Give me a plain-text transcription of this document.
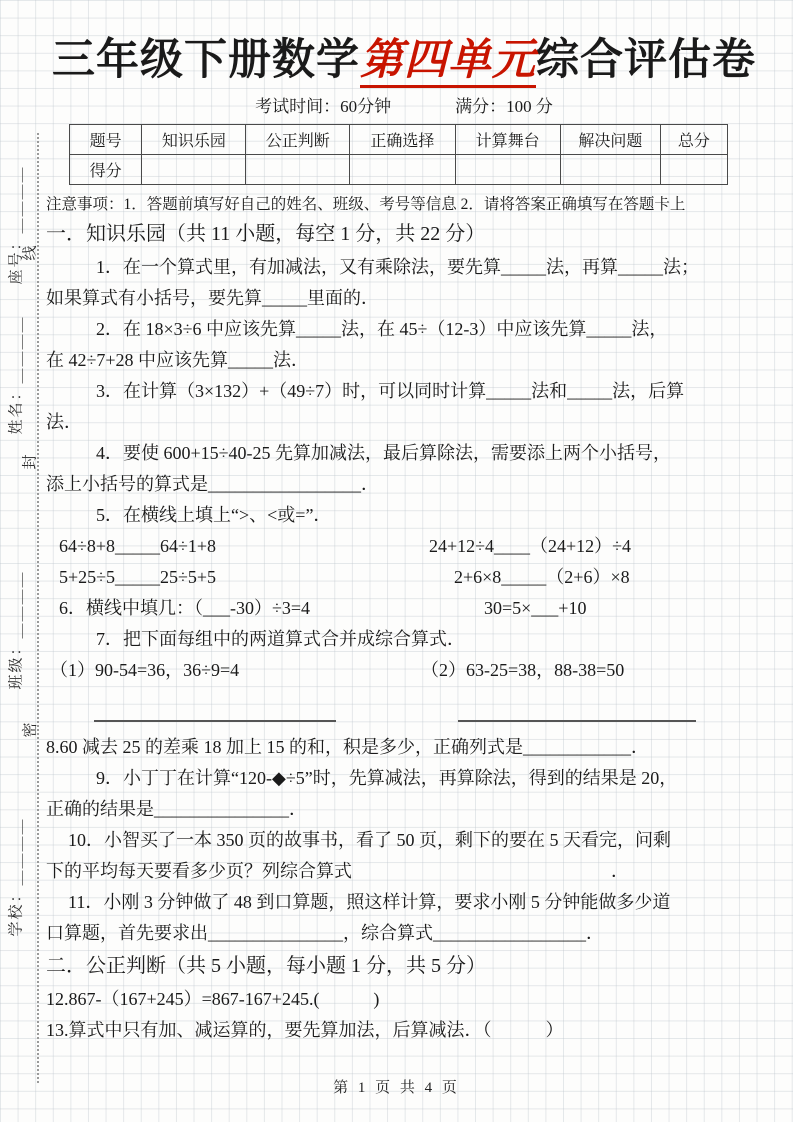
座号：＿＿＿＿
姓名：＿＿＿＿
班级：＿＿＿＿
学校：＿＿＿＿
线
封
密
三年级下册数学第四单元综合评估卷
考试时间：60分钟	满分：100 分
题号	知识乐园	公正判断	正确选择	计算舞台	解决问题	总分
得分						

注意事项：1．答题前填写好自己的姓名、班级、考号等信息 2．请将答案正确填写在答题卡上

一．知识乐园（共 11 小题，每空 1 分，共 22 分）

1．在一个算式里，有加减法，又有乘除法，要先算_____法，再算_____法；

如果算式有小括号，要先算_____里面的．

2．在 18×3÷6 中应该先算_____法，在 45÷（12-3）中应该先算_____法，

在 42÷7+28 中应该先算_____法．

3．在计算（3×132）+（49÷7）时，可以同时计算_____法和_____法，后算

法．

4．要使 600+15÷40-25 先算加减法，最后算除法，需要添上两个小括号，

添上小括号的算式是_________________．

5．在横线上填上“>、<或=”．

64÷8+8_____64÷1+8	24+12÷4____（24+12）÷4

5+25÷5_____25÷5+5	2+6×8_____（2+6）×8

6．横线中填几：（___-30）÷3=4	30=5×___+10

7．把下面每组中的两道算式合并成综合算式．

（1）90-54=36，36÷9=4	（2）63-25=38，88-38=50

8.60 减去 25 的差乘 18 加上 15 的和，积是多少，正确列式是____________．

9．小丁丁在计算“120-◆÷5”时，先算减法，再算除法，得到的结果是 20，

正确的结果是_______________．

10．小智买了一本 350 页的故事书，看了 50 页，剩下的要在 5 天看完，问剩

下的平均每天要看多少页？列综合算式	．

11．小刚 3 分钟做了 48 到口算题，照这样计算，要求小刚 5 分钟能做多少道

口算题，首先要求出_______________，综合算式_________________．

二．公正判断（共 5 小题，每小题 1 分，共 5 分）

12.867-（167+245）=867-167+245.(　　　)

13.算式中只有加、减运算的，要先算加法，后算减法．（　　　）

第 1 页 共 4 页
